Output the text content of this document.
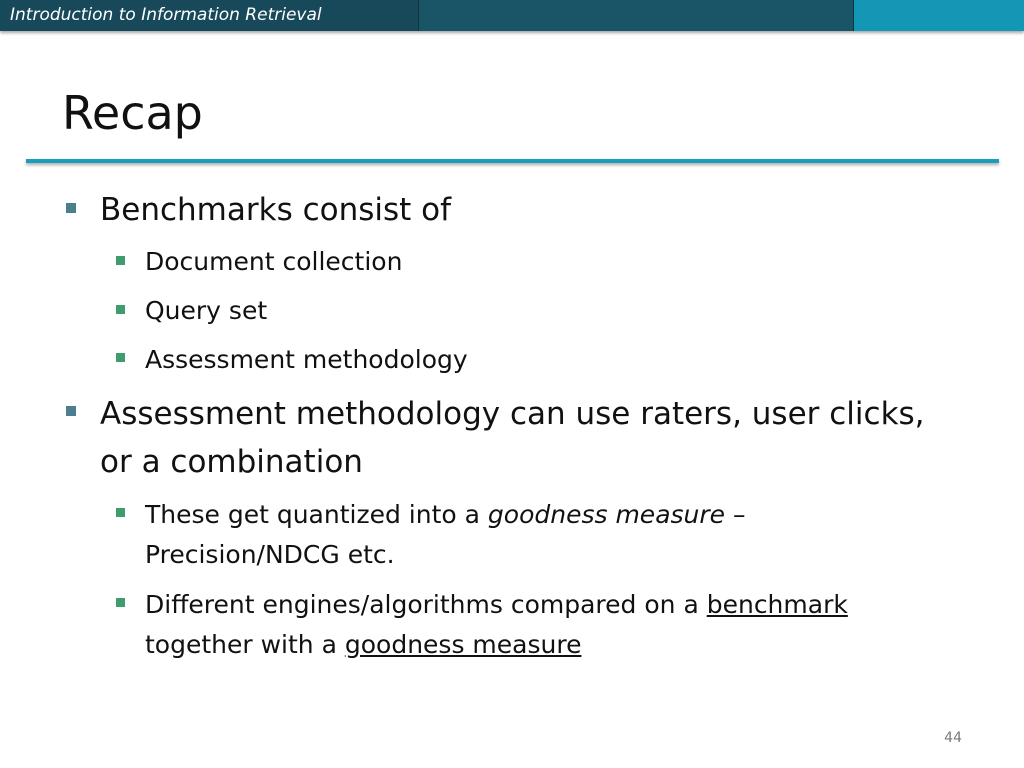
Introduction to Information Retrieval
Recap

Benchmarks consist of

Document collection

Query set

Assessment methodology

Assessment methodology can use raters, user clicks,
or a combination
These get quantized into a goodness measure –
Precision/NDCG etc.
Different engines/algorithms compared on a benchmark
together with a goodness measure
44
